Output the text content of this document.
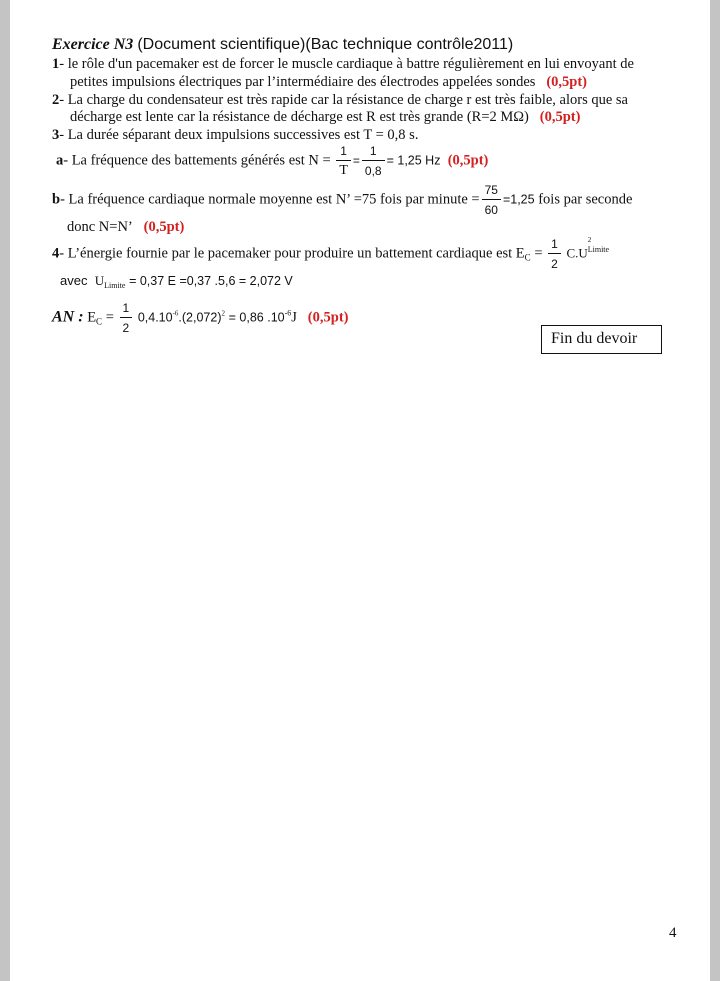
Exercice N3 (Document scientifique)(Bac technique contrôle2011)
1- le rôle d'un pacemaker est de forcer le muscle cardiaque à battre régulièrement en lui envoyant de
petites impulsions électriques par l’intermédiaire des électrodes appelées sondes (0,5pt)
2- La charge du condensateur est très rapide car la résistance de charge r est très faible, alors que sa
décharge est lente car la résistance de décharge est R est très grande (R=2 MΩ) (0,5pt)
3- La durée séparant deux impulsions successives est T = 0,8 s.
a- La fréquence des battements générés est $N = \frac{1}{T} = \frac{1}{0,8} = 1,25$ Hz (0,5pt)
b- La fréquence cardiaque normale moyenne est N’ =75 fois par minute = $\frac{75}{60} =1,25$ fois par seconde
donc N=N’ (0,5pt)
4- L’énergie fournie par le pacemaker pour produire un battement cardiaque est $E_C = \frac{1}{2} C.U$
2
Limite
avec $U_{Limite} = 0,37$ E =0,37 .5,6 = 2,072 V
AN : $E_C = \frac{1}{2} 0,4.10^{-6}.(2,072)^2 = 0,86$ $.10^{-6}J$ (0,5pt)
Fin du devoir
4
